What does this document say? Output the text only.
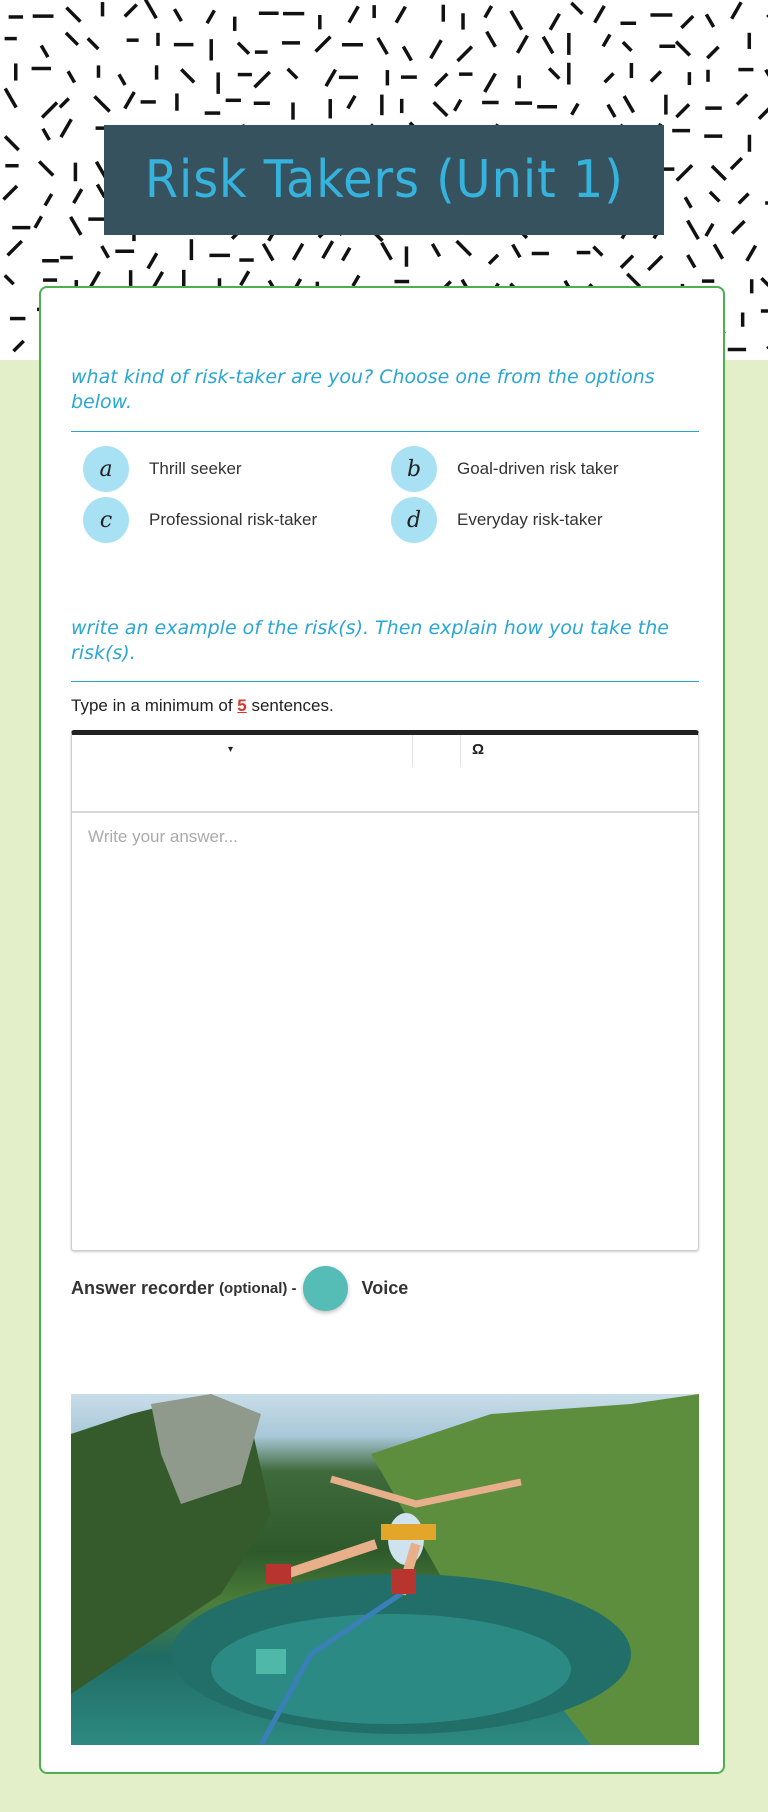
Risk Takers (Unit 1)
what kind of risk-taker are you? Choose one from the options below.
a	Thrill seeker	b	Goal-driven risk taker
c	Professional risk-taker	d	Everyday risk-taker
write an example of the risk(s). Then explain how you take the risk(s).
Type in a minimum of 5 sentences.
▾	Ω
Write your answer...
Answer recorder (optional) -	Voice
